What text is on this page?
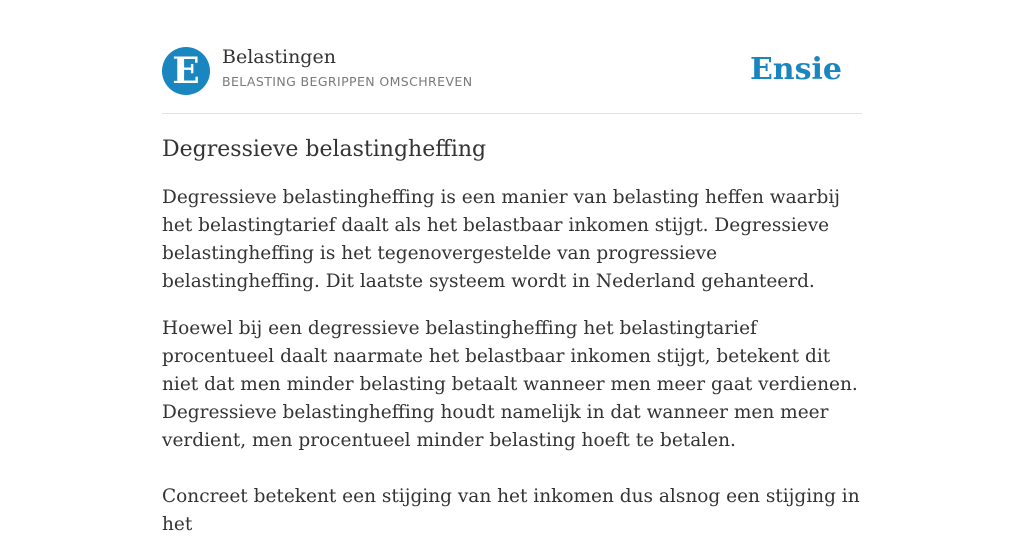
E	Belastingen
BELASTING BEGRIPPEN OMSCHREVEN	Ensie
Degressieve belastingheffing

Degressieve belastingheffing is een manier van belasting heffen waarbij het belastingtarief daalt als het belastbaar inkomen stijgt. Degressieve belastingheffing is het tegenovergestelde van progressieve belastingheffing. Dit laatste systeem wordt in Nederland gehanteerd.

Hoewel bij een degressieve belastingheffing het belastingtarief procentueel daalt naarmate het belastbaar inkomen stijgt, betekent dit niet dat men minder belasting betaalt wanneer men meer gaat verdienen. Degressieve belastingheffing houdt namelijk in dat wanneer men meer verdient, men procentueel minder belasting hoeft te betalen.

Concreet betekent een stijging van het inkomen dus alsnog een stijging in het
